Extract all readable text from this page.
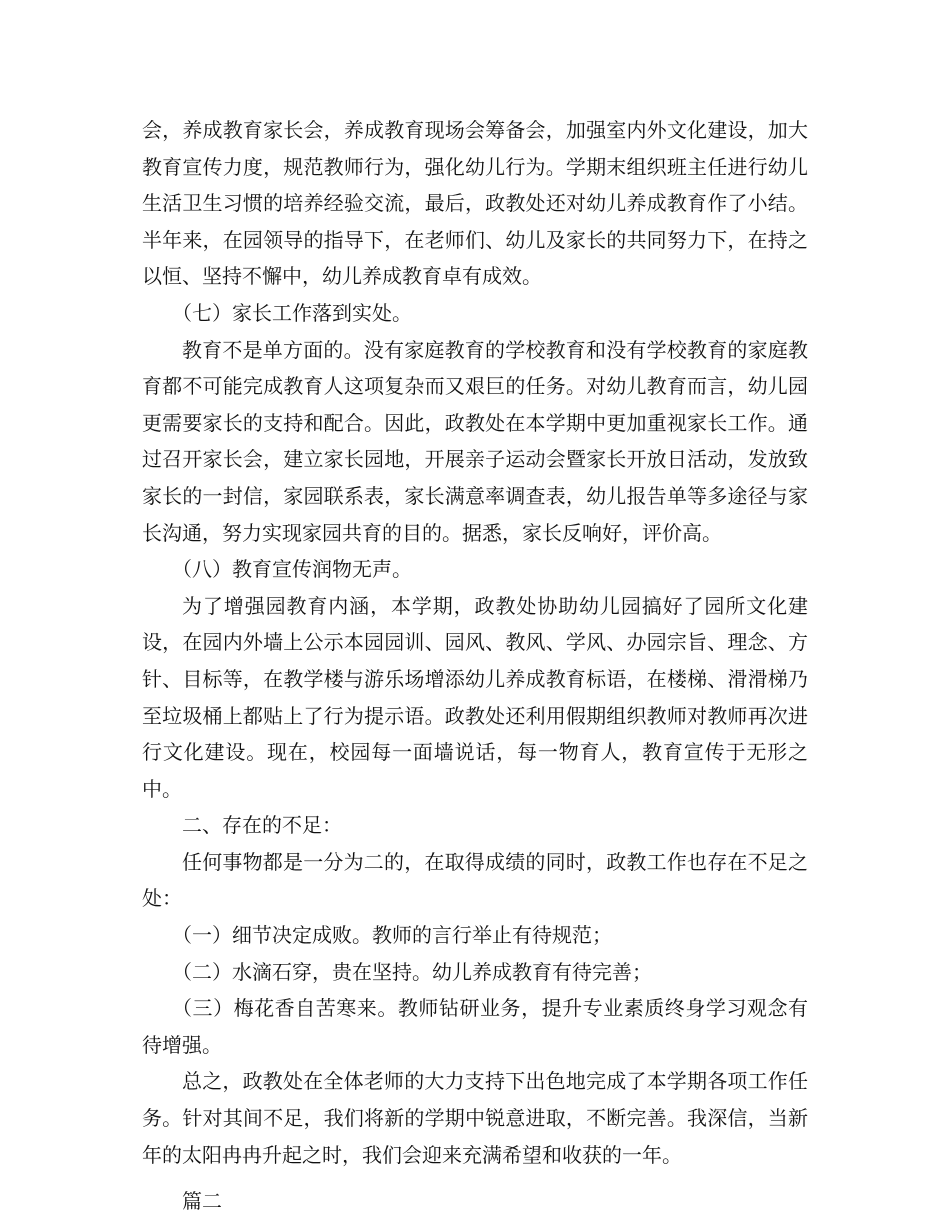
会，养成教育家长会，养成教育现场会筹备会，加强室内外文化建设，加大教育宣传力度，规范教师行为，强化幼儿行为。学期末组织班主任进行幼儿生活卫生习惯的培养经验交流，最后，政教处还对幼儿养成教育作了小结。半年来，在园领导的指导下，在老师们、幼儿及家长的共同努力下，在持之以恒、坚持不懈中，幼儿养成教育卓有成效。

（七）家长工作落到实处。

教育不是单方面的。没有家庭教育的学校教育和没有学校教育的家庭教育都不可能完成教育人这项复杂而又艰巨的任务。对幼儿教育而言，幼儿园更需要家长的支持和配合。因此，政教处在本学期中更加重视家长工作。通过召开家长会，建立家长园地，开展亲子运动会暨家长开放日活动，发放致家长的一封信，家园联系表，家长满意率调查表，幼儿报告单等多途径与家长沟通，努力实现家园共育的目的。据悉，家长反响好，评价高。

（八）教育宣传润物无声。

为了增强园教育内涵，本学期，政教处协助幼儿园搞好了园所文化建设，在园内外墙上公示本园园训、园风、教风、学风、办园宗旨、理念、方针、目标等，在教学楼与游乐场增添幼儿养成教育标语，在楼梯、滑滑梯乃至垃圾桶上都贴上了行为提示语。政教处还利用假期组织教师对教师再次进行文化建设。现在，校园每一面墙说话，每一物育人，教育宣传于无形之中。

二、存在的不足：

任何事物都是一分为二的，在取得成绩的同时，政教工作也存在不足之处：

（一）细节决定成败。教师的言行举止有待规范；

（二）水滴石穿，贵在坚持。幼儿养成教育有待完善；

（三）梅花香自苦寒来。教师钻研业务，提升专业素质终身学习观念有待增强。

总之，政教处在全体老师的大力支持下出色地完成了本学期各项工作任务。针对其间不足，我们将新的学期中锐意进取，不断完善。我深信，当新年的太阳冉冉升起之时，我们会迎来充满希望和收获的一年。

篇二
